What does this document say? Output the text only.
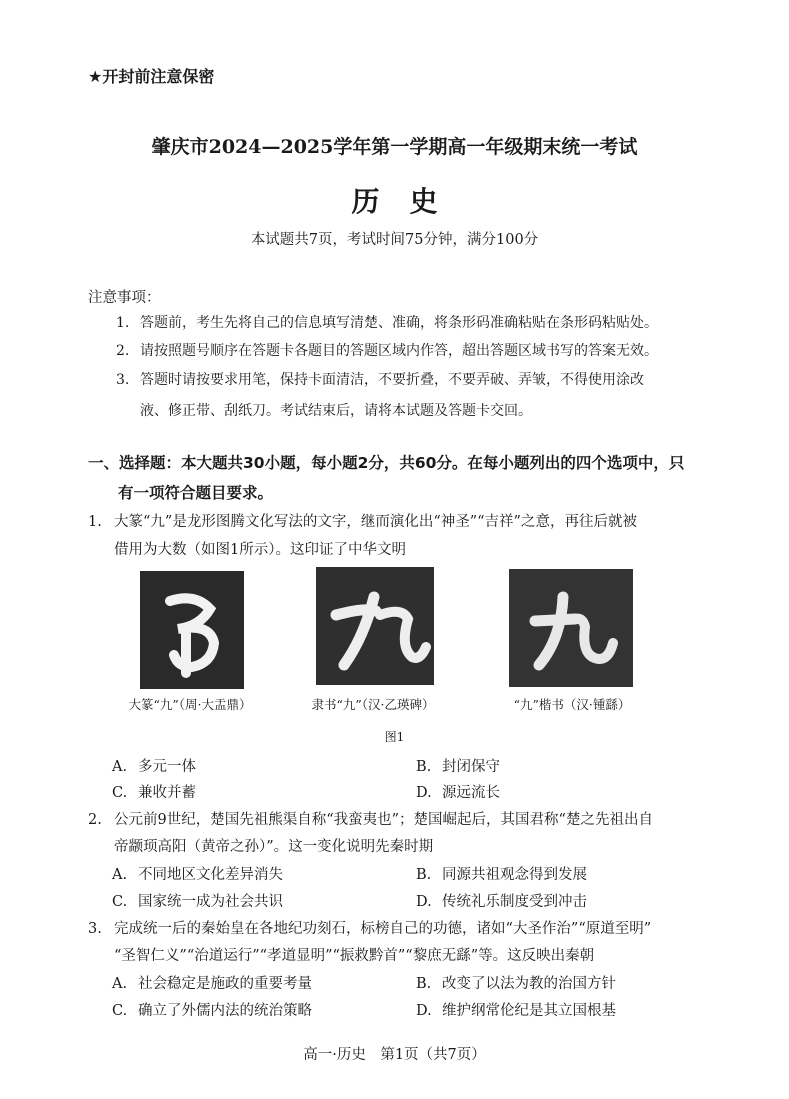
★开封前注意保密
肇庆市2024—2025学年第一学期高一年级期末统一考试
历史
本试题共7页，考试时间75分钟，满分100分
注意事项：
1. 答题前，考生先将自己的信息填写清楚、准确，将条形码准确粘贴在条形码粘贴处。
2. 请按照题号顺序在答题卡各题目的答题区域内作答，超出答题区域书写的答案无效。
3. 答题时请按要求用笔，保持卡面清洁，不要折叠，不要弄破、弄皱，不得使用涂改
液、修正带、刮纸刀。考试结束后，请将本试题及答题卡交回。
一、选择题：本大题共30小题，每小题2分，共60分。在每小题列出的四个选项中，只
有一项符合题目要求。
1. 大篆“九”是龙形图腾文化写法的文字，继而演化出“神圣”“吉祥”之意，再往后就被
借用为大数（如图1所示）。这印证了中华文明
大篆“九”（周·大盂鼎）	隶书“九”（汉·乙瑛碑）	“九”楷书（汉·锺繇）
图1
A. 多元一体	B. 封闭保守
C. 兼收并蓄	D. 源远流长
2. 公元前9世纪，楚国先祖熊渠自称“我蛮夷也”；楚国崛起后，其国君称“楚之先祖出自
帝颛顼高阳（黄帝之孙）”。这一变化说明先秦时期
A. 不同地区文化差异消失	B. 同源共祖观念得到发展
C. 国家统一成为社会共识	D. 传统礼乐制度受到冲击
3. 完成统一后的秦始皇在各地纪功刻石，标榜自己的功德，诸如“大圣作治”“原道至明”
“圣智仁义”“治道运行”“孝道显明”“振救黔首”“黎庶无繇”等。这反映出秦朝
A. 社会稳定是施政的重要考量	B. 改变了以法为教的治国方针
C. 确立了外儒内法的统治策略	D. 维护纲常伦纪是其立国根基
高一·历史　第1页（共7页）
